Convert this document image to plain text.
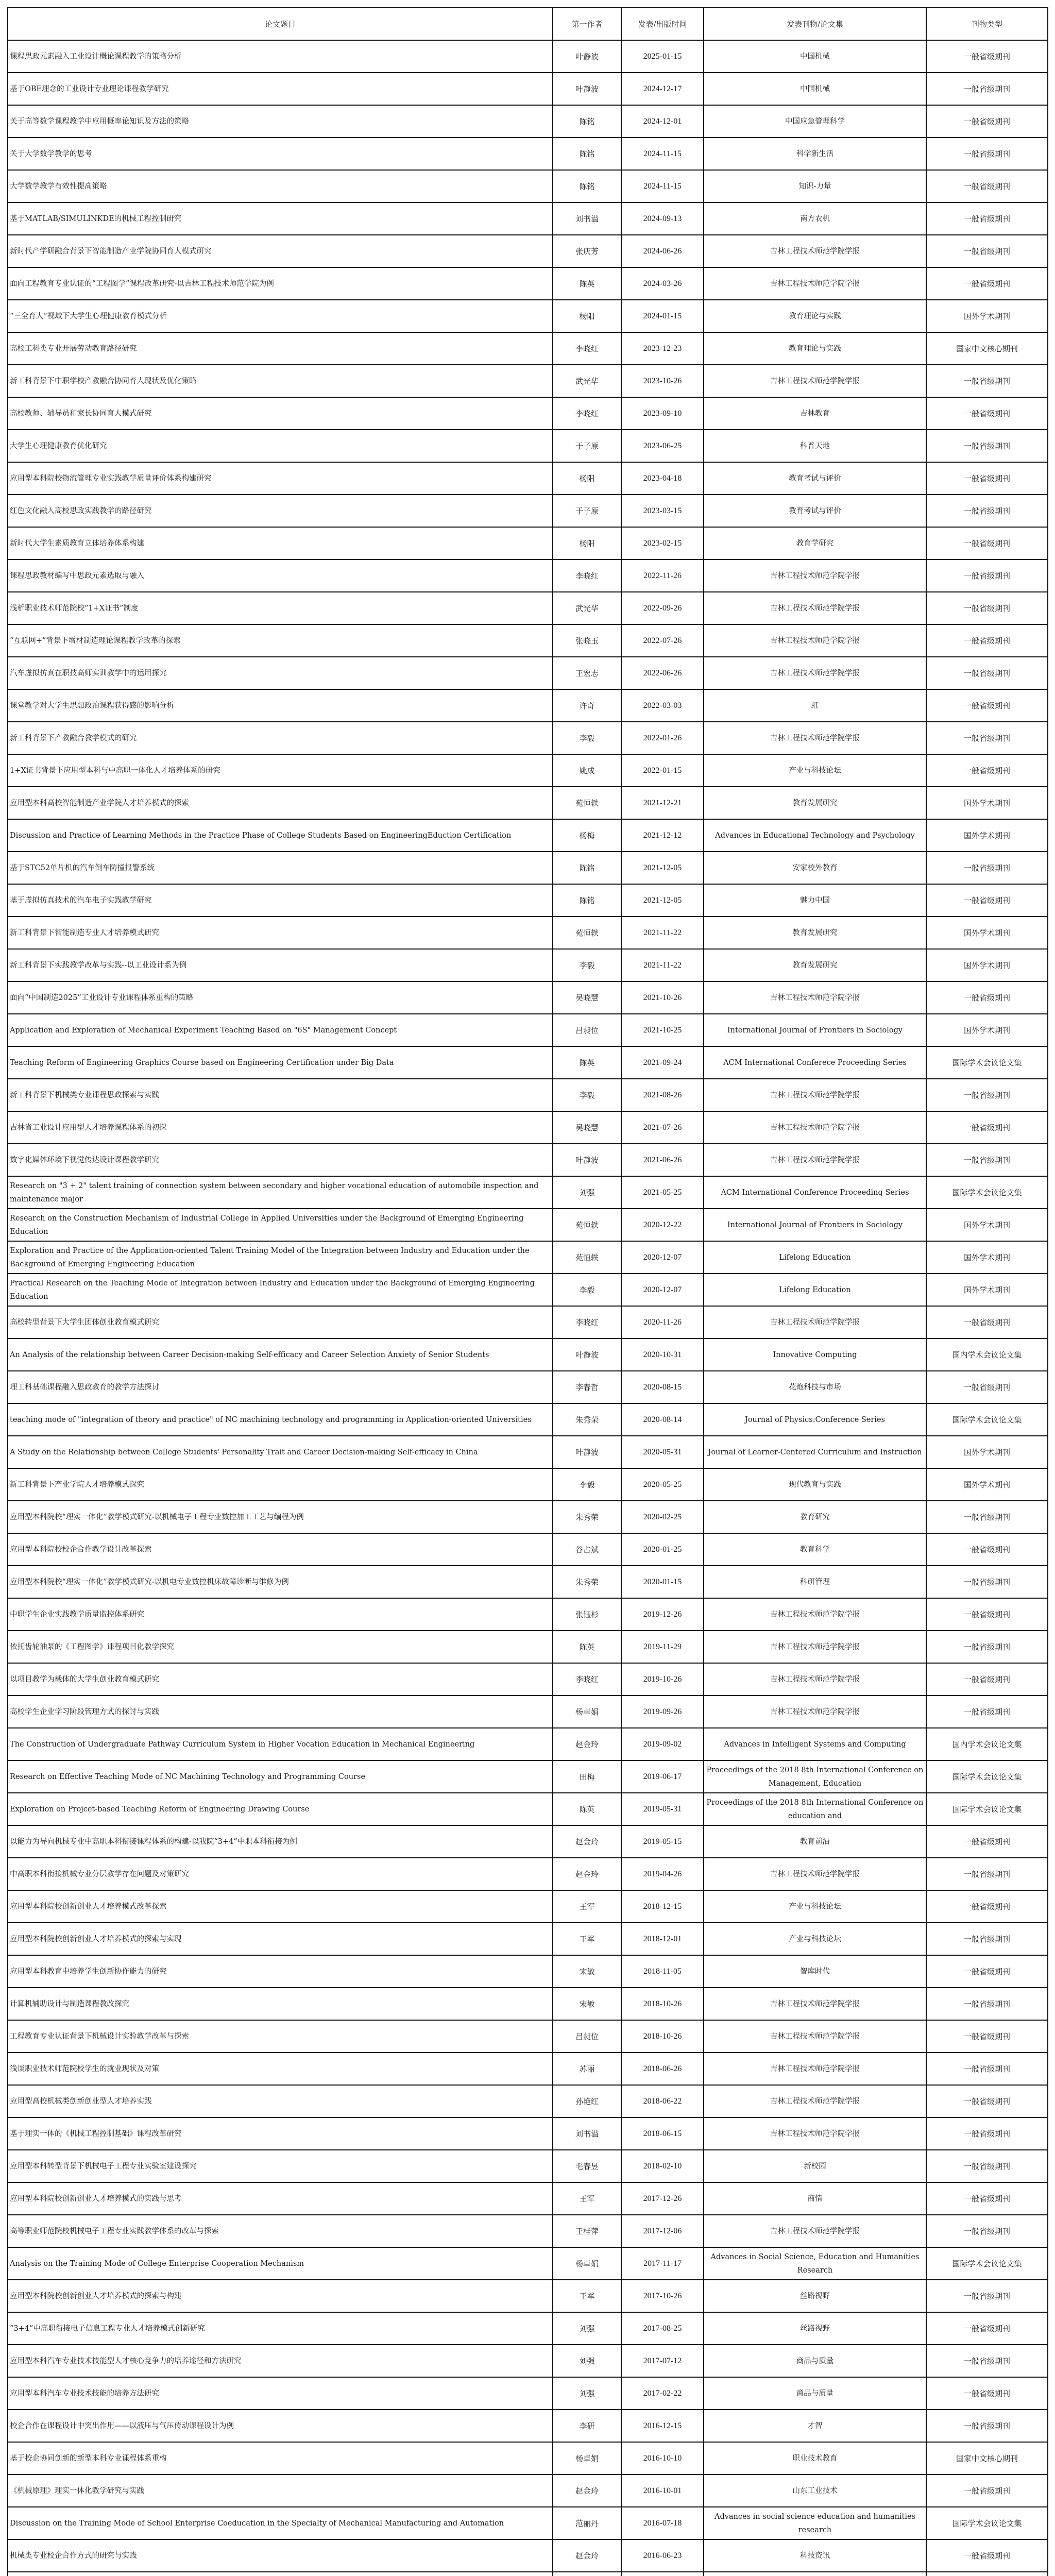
论文题目	第一作者	发表/出版时间	发表刊物/论文集	刊物类型
课程思政元素融入工业设计概论课程教学的策略分析	叶静波	2025-01-15	中国机械	一般省级期刊
基于OBE理念的工业设计专业理论课程教学研究	叶静波	2024-12-17	中国机械	一般省级期刊
关于高等数学课程教学中应用概率论知识及方法的策略	陈铭	2024-12-01	中国应急管理科学	一般省级期刊
关于大学数学教学的思考	陈铭	2024-11-15	科学新生活	一般省级期刊
大学数学教学有效性提高策略	陈铭	2024-11-15	知识-力量	一般省级期刊
基于MATLAB/SIMULINKDE的机械工程控制研究	刘书溢	2024-09-13	南方农机	一般省级期刊
新时代产学研融合背景下智能制造产业学院协同育人模式研究	张庆芳	2024-06-26	吉林工程技术师范学院学报	一般省级期刊
面向工程教育专业认证的“工程图学”课程改革研究-以吉林工程技术师范学院为例	陈英	2024-03-26	吉林工程技术师范学院学报	一般省级期刊
“三全育人”视域下大学生心理健康教育模式分析	杨阳	2024-01-15	教育理论与实践	国外学术期刊
高校工科类专业开展劳动教育路径研究	李晓红	2023-12-23	教育理论与实践	国家中文核心期刊
新工科背景下中职学校产教融合协同育人现状及优化策略	武光华	2023-10-26	吉林工程技术师范学院学报	一般省级期刊
高校教师、辅导员和家长协同育人模式研究	李晓红	2023-09-10	吉林教育	一般省级期刊
大学生心理健康教育优化研究	于子原	2023-06-25	科普天地	一般省级期刊
应用型本科院校物流管理专业实践教学质量评价体系构建研究	杨阳	2023-04-18	教育考试与评价	一般省级期刊
红色文化融入高校思政实践教学的路径研究	于子原	2023-03-15	教育考试与评价	一般省级期刊
新时代大学生素质教育立体培养体系构建	杨阳	2023-02-15	教育学研究	一般省级期刊
课程思政教材编写中思政元素选取与融入	李晓红	2022-11-26	吉林工程技术师范学院学报	一般省级期刊
浅析职业技术师范院校“1+X证书”制度	武光华	2022-09-26	吉林工程技术师范学院学报	一般省级期刊
“互联网+”背景下增材制造理论课程教学改革的探索	张晓玉	2022-07-26	吉林工程技术师范学院学报	一般省级期刊
汽车虚拟仿真在职技高师实训教学中的运用探究	王宏志	2022-06-26	吉林工程技术师范学院学报	一般省级期刊
课堂教学对大学生思想政治课程获得感的影响分析	许奇	2022-03-03	虹	一般省级期刊
新工科背景下产教融合教学模式的研究	李毅	2022-01-26	吉林工程技术师范学院学报	一般省级期刊
1+X证书背景下应用型本科与中高职一体化人才培养体系的研究	姚成	2022-01-15	产业与科技论坛	一般省级期刊
应用型本科高校智能制造产业学院人才培养模式的探索	苑恒轶	2021-12-21	教育发展研究	国外学术期刊
Discussion and Practice of Learning Methods in the Practice Phase of College Students Based on EngineeringEduction Certification	杨梅	2021-12-12	Advances in Educational Technology and Psychology	国外学术期刊
基于STC52单片机的汽车倒车防撞报警系统	陈铭	2021-12-05	安家校外教育	一般省级期刊
基于虚拟仿真技术的汽车电子实践教学研究	陈铭	2021-12-05	魅力中国	一般省级期刊
新工科背景下智能制造专业人才培养模式研究	苑恒轶	2021-11-22	教育发展研究	国外学术期刊
新工科背景下实践教学改革与实践--以工业设计系为例	李毅	2021-11-22	教育发展研究	国外学术期刊
面向“中国制造2025”工业设计专业课程体系重构的策略	吴晓慧	2021-10-26	吉林工程技术师范学院学报	一般省级期刊
Application and Exploration of Mechanical Experiment Teaching Based on "6S" Management Concept	吕昶位	2021-10-25	International Journal of Frontiers in Sociology	国外学术期刊
Teaching Reform of Engineering Graphics Course based on Engineering Certification under Big Data	陈英	2021-09-24	ACM International Conferece Proceeding Series	国际学术会议论文集
新工科背景下机械类专业课程思政探索与实践	李毅	2021-08-26	吉林工程技术师范学院学报	一般省级期刊
吉林省工业设计应用型人才培养课程体系的初探	吴晓慧	2021-07-26	吉林工程技术师范学院学报	一般省级期刊
数字化媒体环境下视觉传达设计课程教学研究	叶静波	2021-06-26	吉林工程技术师范学院学报	一般省级期刊
Research on "3 + 2" talent training of connection system between secondary and higher vocational education of automobile inspection and maintenance major	刘强	2021-05-25	ACM International Conference Proceeding Series	国际学术会议论文集
Research on the Construction Mechanism of Industrial College in Applied Universities under the Background of Emerging Engineering Education	苑恒轶	2020-12-22	International Journal of Frontiers in Sociology	国外学术期刊
Exploration and Practice of the Application-oriented Talent Training Model of the Integration between Industry and Education under the Background of Emerging Engineering Education	苑恒轶	2020-12-07	Lifelong Education	国外学术期刊
Practical Research on the Teaching Mode of Integration between Industry and Education under the Background of Emerging Engineering Education	李毅	2020-12-07	Lifelong Education	国外学术期刊
高校转型背景下大学生团体创业教育模式研究	李晓红	2020-11-26	吉林工程技术师范学院学报	一般省级期刊
An Analysis of the relationship between Career Decision-making Self-efficacy and Career Selection Anxiety of Senior Students	叶静波	2020-10-31	Innovative Computing	国内学术会议论文集
理工科基础课程融入思政教育的教学方法探讨	李春哲	2020-08-15	花炮科技与市场	一般省级期刊
teaching mode of "integration of theory and practice" of NC machining technology and programming in Application-oriented Universities	朱秀荣	2020-08-14	Journal of Physics:Conference Series	国际学术会议论文集
A Study on the Relationship between College Students' Personality Trait and Career Decision-making Self-efficacy in China	叶静波	2020-05-31	Journal of Learner-Centered Curriculum and Instruction	国外学术期刊
新工科背景下产业学院人才培养模式探究	李毅	2020-05-25	现代教育与实践	国外学术期刊
应用型本科院校“理实一体化”教学模式研究-以机械电子工程专业数控加工工艺与编程为例	朱秀荣	2020-02-25	教育研究	一般省级期刊
应用型本科院校校企合作教学设计改革探索	谷占斌	2020-01-25	教育科学	一般省级期刊
应用型本科院校“理实一体化”教学模式研究-以机电专业数控机床故障诊断与维修为例	朱秀荣	2020-01-15	科研管理	一般省级期刊
中职学生企业实践教学质量监控体系研究	张钰杉	2019-12-26	吉林工程技术师范学院学报	一般省级期刊
依托齿轮油泵的《工程图学》课程项目化教学探究	陈英	2019-11-29	吉林工程技术师范学院学报	一般省级期刊
以项目教学为载体的大学生创业教育模式研究	李晓红	2019-10-26	吉林工程技术师范学院学报	一般省级期刊
高校学生企业学习阶段管理方式的探讨与实践	杨卓娟	2019-09-26	吉林工程技术师范学院学报	一般省级期刊
The Construction of Undergraduate Pathway Curriculum System in Higher Vocation Education in Mechanical Engineering	赵金玲	2019-09-02	Advances in Intelligent Systems and Computing	国内学术会议论文集
Research on Effective Teaching Mode of NC Machining Technology and Programming Course	田梅	2019-06-17	Proceedings of the 2018 8th International Conference on Management, Education	国际学术会议论文集
Exploration on Projcet-based Teaching Reform of Engineering Drawing Course	陈英	2019-05-31	Proceedings of the 2018 8th International Conference on education and	国际学术会议论文集
以能力为导向机械专业中高职本科衔接课程体系的构建-以我院“3+4”中职本科衔接为例	赵金玲	2019-05-15	教育前沿	一般省级期刊
中高职本科衔接机械专业分层教学存在问题及对策研究	赵金玲	2019-04-26	吉林工程技术师范学院学报	一般省级期刊
应用型本科院校创新创业人才培养模式改革探索	王军	2018-12-15	产业与科技论坛	一般省级期刊
应用型本科院校创新创业人才培养模式的探索与实现	王军	2018-12-01	产业与科技论坛	一般省级期刊
应用型本科教育中培养学生创新协作能力的研究	宋敏	2018-11-05	智库时代	一般省级期刊
计算机辅助设计与制造课程教改探究	宋敏	2018-10-26	吉林工程技术师范学院学报	一般省级期刊
工程教育专业认证背景下机械设计实验教学改革与探索	吕昶位	2018-10-26	吉林工程技术师范学院学报	一般省级期刊
浅谈职业技术师范院校学生的就业现状及对策	苏丽	2018-06-26	吉林工程技术师范学院学报	一般省级期刊
应用型高校机械类创新创业型人才培养实践	孙艳红	2018-06-22	吉林工程技术师范学院学报	一般省级期刊
基于理实一体的《机械工程控制基础》课程改革研究	刘书溢	2018-06-15	吉林工程技术师范学院学报	一般省级期刊
应用型本科转型背景下机械电子工程专业实验室建设探究	毛春昱	2018-02-10	新校园	一般省级期刊
应用型本科院校创新创业人才培养模式的实践与思考	王军	2017-12-26	商情	一般省级期刊
高等职业师范院校机械电子工程专业实践教学体系的改革与探索	王桂萍	2017-12-06	吉林工程技术师范学院学报	一般省级期刊
Analysis on the Training Mode of College Enterprise Cooperation Mechanism	杨卓娟	2017-11-17	Advances in Social Science, Education and Humanities Research	国际学术会议论文集
应用型本科院校创新创业人才培养模式的探索与构建	王军	2017-10-26	丝路视野	一般省级期刊
“3+4”中高职衔接电子信息工程专业人才培养模式创新研究	刘强	2017-08-25	丝路视野	一般省级期刊
应用型本科汽车专业技术技能型人才核心竞争力的培养途径和方法研究	刘强	2017-07-12	商品与质量	一般省级期刊
应用型本科汽车专业技术技能的培养方法研究	刘强	2017-02-22	商品与质量	一般省级期刊
校企合作在课程设计中突出作用——以液压与气压传动课程设计为例	李研	2016-12-15	才智	一般省级期刊
基于校企协同创新的新型本科专业课程体系重构	杨卓娟	2016-10-10	职业技术教育	国家中文核心期刊
《机械原理》理实一体化教学研究与实践	赵金玲	2016-10-01	山东工业技术	一般省级期刊
Discussion on the Training Mode of School Enterprise Coeducation in the Specialty of Mechanical Manufacturing and Automation	范丽丹	2016-07-18	Advances in social science education and humanities research	国际学术会议论文集
机械类专业校企合作方式的研究与实践	赵金玲	2016-06-23	科技资讯	一般省级期刊
